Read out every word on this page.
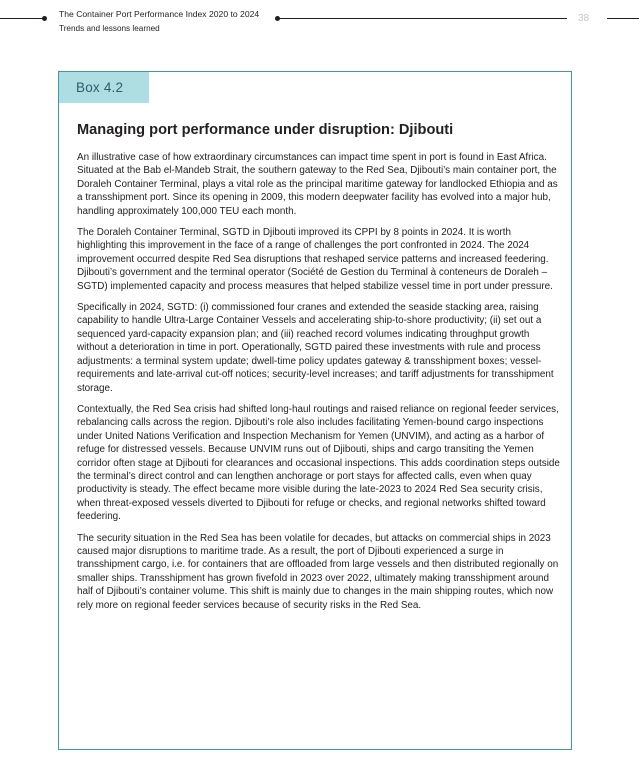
The Container Port Performance Index 2020 to 2024
Trends and lessons learned
38
Box 4.2
Managing port performance under disruption: Djibouti

An illustrative case of how extraordinary circumstances can impact time spent in port is found in East Africa. Situated at the Bab el-Mandeb Strait, the southern gateway to the Red Sea, Djibouti’s main container port, the Doraleh Container Terminal, plays a vital role as the principal maritime gateway for landlocked Ethiopia and as a transshipment port. Since its opening in 2009, this modern deepwater facility has evolved into a major hub, handling approximately 100,000 TEU each month.

The Doraleh Container Terminal, SGTD in Djibouti improved its CPPI by 8 points in 2024. It is worth highlighting this improvement in the face of a range of challenges the port confronted in 2024. The 2024 improvement occurred despite Red Sea disruptions that reshaped service patterns and increased feedering. Djibouti’s government and the terminal operator (Société de Gestion du Terminal à conteneurs de Doraleh – SGTD) implemented capacity and process measures that helped stabilize vessel time in port under pressure.

Specifically in 2024, SGTD: (i) commissioned four cranes and extended the seaside stacking area, raising capability to handle Ultra-Large Container Vessels and accelerating ship-to-shore productivity; (ii) set out a sequenced yard-capacity expansion plan; and (iii) reached record volumes indicating throughput growth without a deterioration in time in port. Operationally, SGTD paired these investments with rule and process adjustments: a terminal system update; dwell-time policy updates gateway & transshipment boxes; vessel-requirements and late-arrival cut-off notices; security-level increases; and tariff adjustments for transshipment storage.

Contextually, the Red Sea crisis had shifted long-haul routings and raised reliance on regional feeder services, rebalancing calls across the region. Djibouti’s role also includes facilitating Yemen-bound cargo inspections under United Nations Verification and Inspection Mechanism for Yemen (UNVIM), and acting as a harbor of refuge for distressed vessels. Because UNVIM runs out of Djibouti, ships and cargo transiting the Yemen corridor often stage at Djibouti for clearances and occasional inspections. This adds coordination steps outside the terminal’s direct control and can lengthen anchorage or port stays for affected calls, even when quay productivity is steady. The effect became more visible during the late-2023 to 2024 Red Sea security crisis, when threat-exposed vessels diverted to Djibouti for refuge or checks, and regional networks shifted toward feedering.

The security situation in the Red Sea has been volatile for decades, but attacks on commercial ships in 2023 caused major disruptions to maritime trade. As a result, the port of Djibouti experienced a surge in transshipment cargo, i.e. for containers that are offloaded from large vessels and then distributed regionally on smaller ships. Transshipment has grown fivefold in 2023 over 2022, ultimately making transshipment around half of Djibouti’s container volume. This shift is mainly due to changes in the main shipping routes, which now rely more on regional feeder services because of security risks in the Red Sea.
